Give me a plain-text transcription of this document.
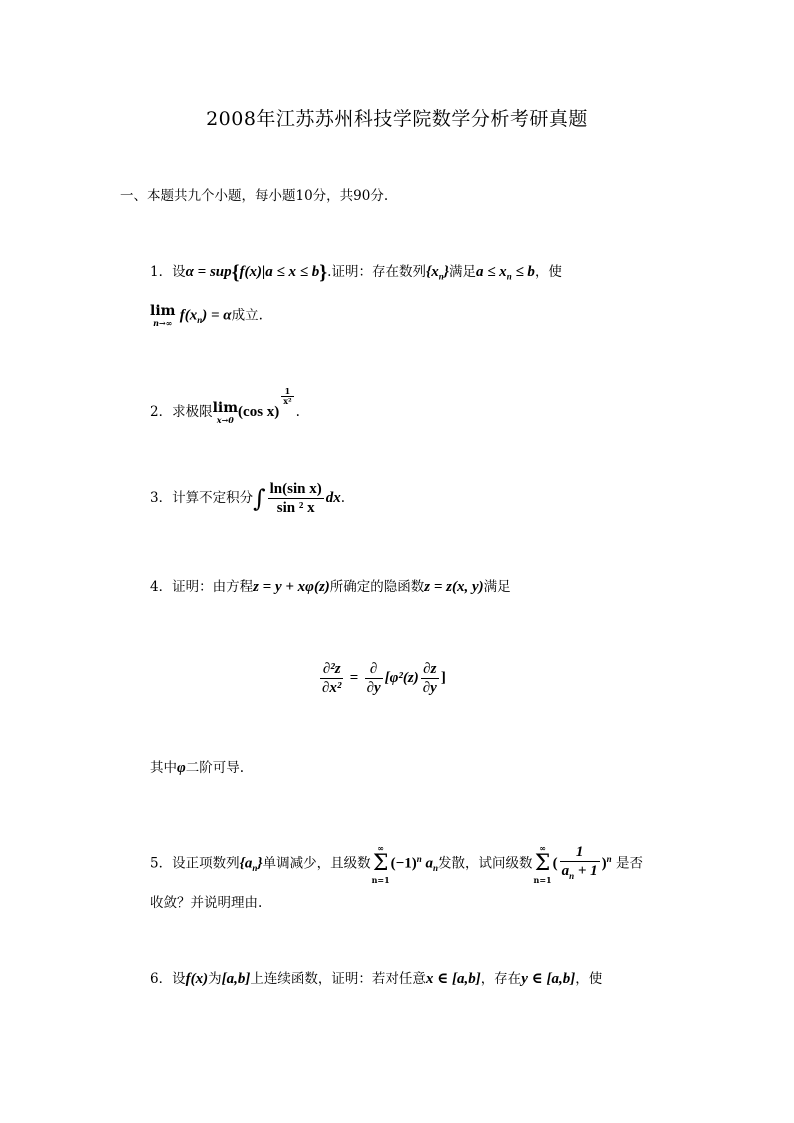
2008年江苏苏州科技学院数学分析考研真题
一、本题共九个小题，每小题10分，共90分.
1．设α = sup{f(x)|a ≤ x ≤ b}.证明：存在数列$\{x_n\}$满足$a \le x_n \le b$，使
lim
n→∞ $f(x_n) = \alpha$成立.
2．求极限 lim
x→0 (cos x)
$\frac{1}{\text{x²}}$
.
3．计算不定积分∫ $\frac{\text{ln(sin x)}}{\text{sin ² x}}$ dx.
4．证明：由方程z = y + xφ(z)所确定的隐函数z = z(x, y)满足
$\frac{\text{∂²z}}{\text{∂x²}} = \frac{\partial}{\partial y} [\varphi^2(z) \frac{\partial z}{\partial y}$ ]
其中φ二阶可导.
5．设正项数列$\{a_n\}$单调减少，且级数
∞
Σ
n=1
$(-1)^n$ $a_n$发散，试问级数
∞
Σ
n=1
( $\frac{1}{a_n + 1} )^n$ 是否
收敛？并说明理由.
6．设f(x)为[a,b]上连续函数，证明：若对任意x ∈ [a,b]，存在y ∈ [a,b]，使
